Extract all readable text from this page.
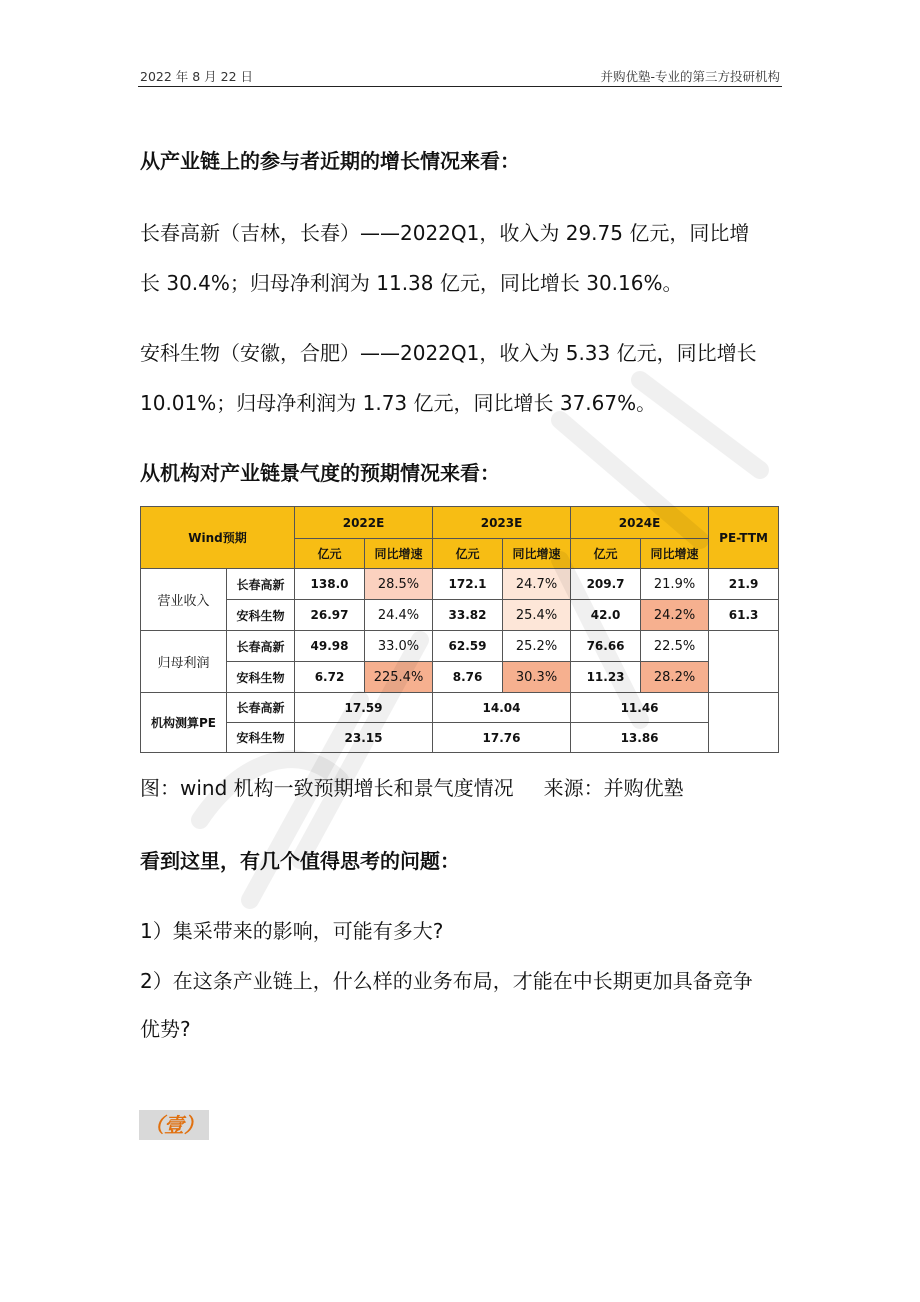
2022 年 8 月 22 日	并购优塾-专业的第三方投研机构

从产业链上的参与者近期的增长情况来看：

长春高新（吉林，长春）——2022Q1，收入为 29.75 亿元，同比增

长 30.4%；归母净利润为 11.38 亿元，同比增长 30.16%。

安科生物（安徽，合肥）——2022Q1，收入为 5.33 亿元，同比增长

10.01%；归母净利润为 1.73 亿元，同比增长 37.67%。

从机构对产业链景气度的预期情况来看：

Wind预期		2022E		2023E		2024E		PE-TTM
		亿元	同比增速	亿元	同比增速	亿元	同比增速	
营业收入	长春高新	138.0	28.5%	172.1	24.7%	209.7	21.9%	21.9
	安科生物	26.97	24.4%	33.82	25.4%	42.0	24.2%	61.3
归母利润	长春高新	49.98	33.0%	62.59	25.2%	76.66	22.5%	
	安科生物	6.72	225.4%	8.76	30.3%	11.23	28.2%	
机构测算PE	长春高新	17.59		14.04		11.46		
	安科生物	23.15		17.76		13.86		
图：wind 机构一致预期增长和景气度情况 来源：并购优塾

看到这里，有几个值得思考的问题：

1）集采带来的影响，可能有多大?

2）在这条产业链上，什么样的业务布局，才能在中长期更加具备竞争

优势?

（壹）
